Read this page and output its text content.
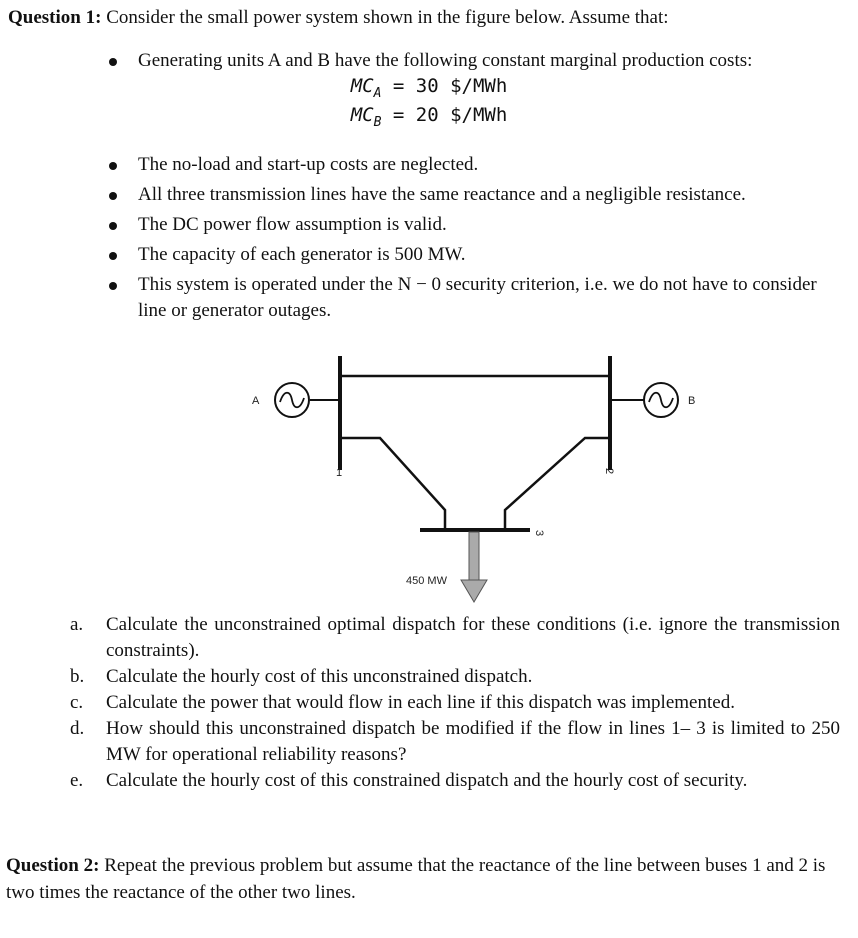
Question 1: Consider the small power system shown in the figure below. Assume that:
Generating units A and B have the following constant marginal production costs:
The no-load and start-up costs are neglected.
All three transmission lines have the same reactance and a negligible resistance.
The DC power flow assumption is valid.
The capacity of each generator is 500 MW.
This system is operated under the N − 0 security criterion, i.e. we do not have to consider line or generator outages.
$MC_A = 30$ $/MWh
$MC_B = 20$ $/MWh
A	B
1	2
3
450 MW
a. Calculate the unconstrained optimal dispatch for these conditions (i.e. ignore the transmission constraints).
b. Calculate the hourly cost of this unconstrained dispatch.
c. Calculate the power that would flow in each line if this dispatch was implemented.
d. How should this unconstrained dispatch be modified if the flow in lines 1– 3 is limited to 250 MW for operational reliability reasons?
e. Calculate the hourly cost of this constrained dispatch and the hourly cost of security.
Question 2: Repeat the previous problem but assume that the reactance of the line between buses 1 and 2 is two times the reactance of the other two lines.
